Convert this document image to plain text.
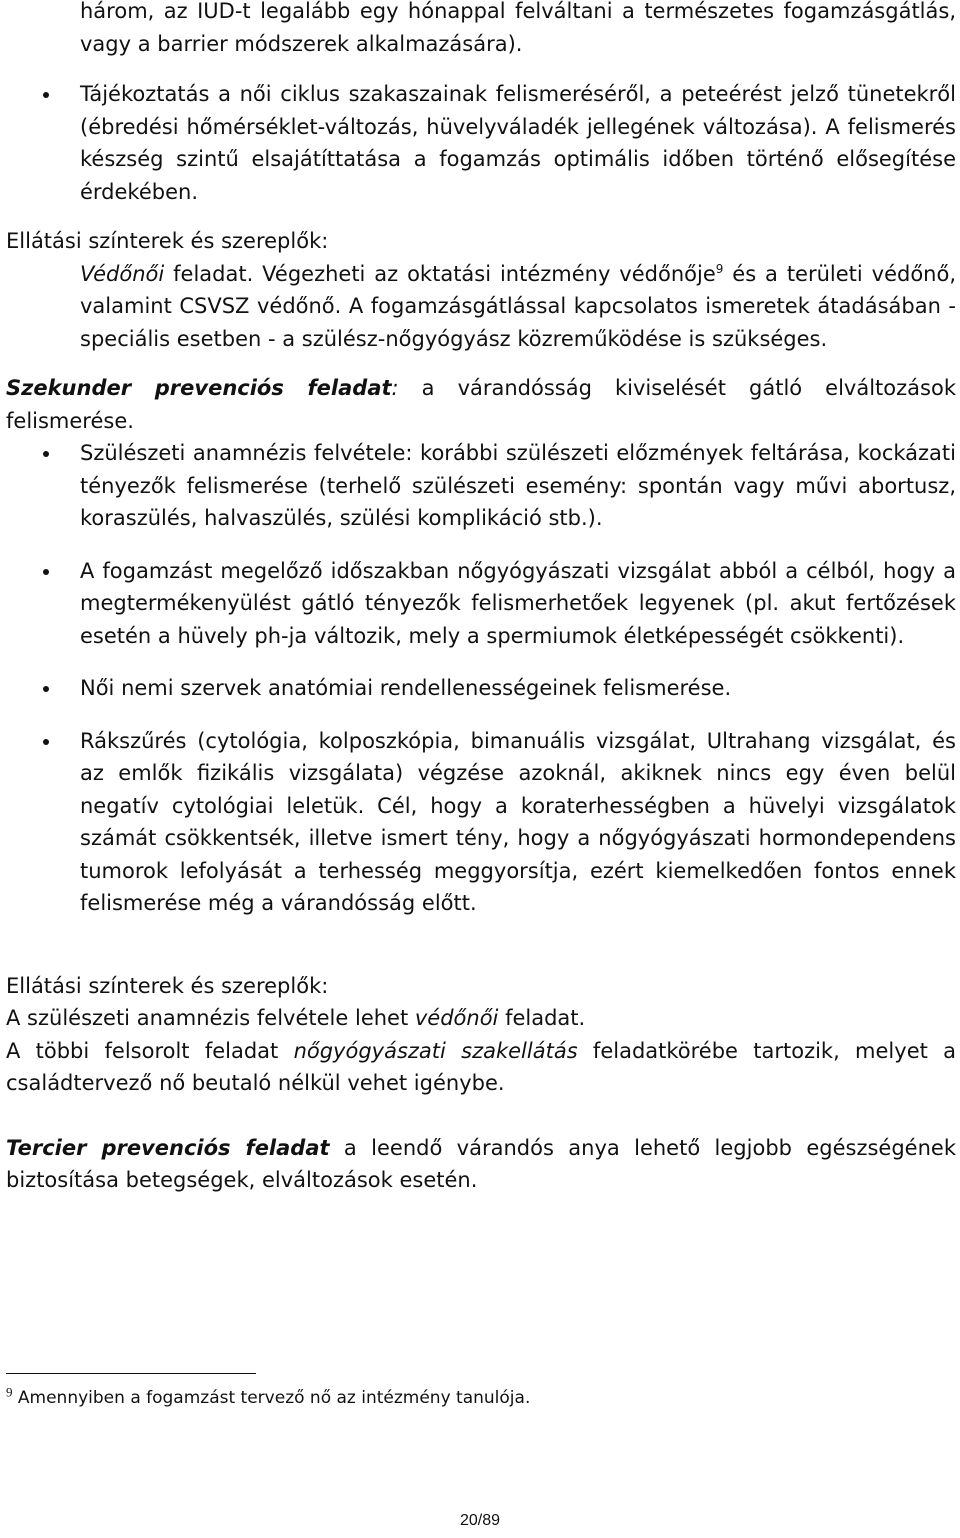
három, az IUD-t legalább egy hónappal felváltani a természetes fogamzásgátlás, vagy a barrier módszerek alkalmazására).

Tájékoztatás a női ciklus szakaszainak felismeréséről, a peteérést jelző tünetekről (ébredési hőmérséklet-változás, hüvelyváladék jellegének változása). A felismerés készség szintű elsajátíttatása a fogamzás optimális időben történő elősegítése érdekében.

Ellátási színterek és szereplők:

Védőnői feladat. Végezheti az oktatási intézmény védőnője$^9$ és a területi védőnő, valamint CSVSZ védőnő. A fogamzásgátlással kapcsolatos ismeretek átadásában - speciális esetben - a szülész-nőgyógyász közreműködése is szükséges.

Szekunder prevenciós feladat: a várandósság kiviselését gátló elváltozások felismerése.

Szülészeti anamnézis felvétele: korábbi szülészeti előzmények feltárása, kockázati tényezők felismerése (terhelő szülészeti esemény: spontán vagy művi abortusz, koraszülés, halvaszülés, szülési komplikáció stb.).

A fogamzást megelőző időszakban nőgyógyászati vizsgálat abból a célból, hogy a megtermékenyülést gátló tényezők felismerhetőek legyenek (pl. akut fertőzések esetén a hüvely ph-ja változik, mely a spermiumok életképességét csökkenti).

Női nemi szervek anatómiai rendellenességeinek felismerése.

Rákszűrés (cytológia, kolposzkópia, bimanuális vizsgálat, Ultrahang vizsgálat, és az emlők fizikális vizsgálata) végzése azoknál, akiknek nincs egy éven belül negatív cytológiai leletük. Cél, hogy a koraterhességben a hüvelyi vizsgálatok számát csökkentsék, illetve ismert tény, hogy a nőgyógyászati hormondependens tumorok lefolyását a terhesség meggyorsítja, ezért kiemelkedően fontos ennek felismerése még a várandósság előtt.

Ellátási színterek és szereplők:

A szülészeti anamnézis felvétele lehet védőnői feladat.

A többi felsorolt feladat nőgyógyászati szakellátás feladatkörébe tartozik, melyet a családtervező nő beutaló nélkül vehet igénybe.

Tercier prevenciós feladat a leendő várandós anya lehető legjobb egészségének biztosítása betegségek, elváltozások esetén.

$^9$ Amennyiben a fogamzást tervező nő az intézmény tanulója.
20/89
